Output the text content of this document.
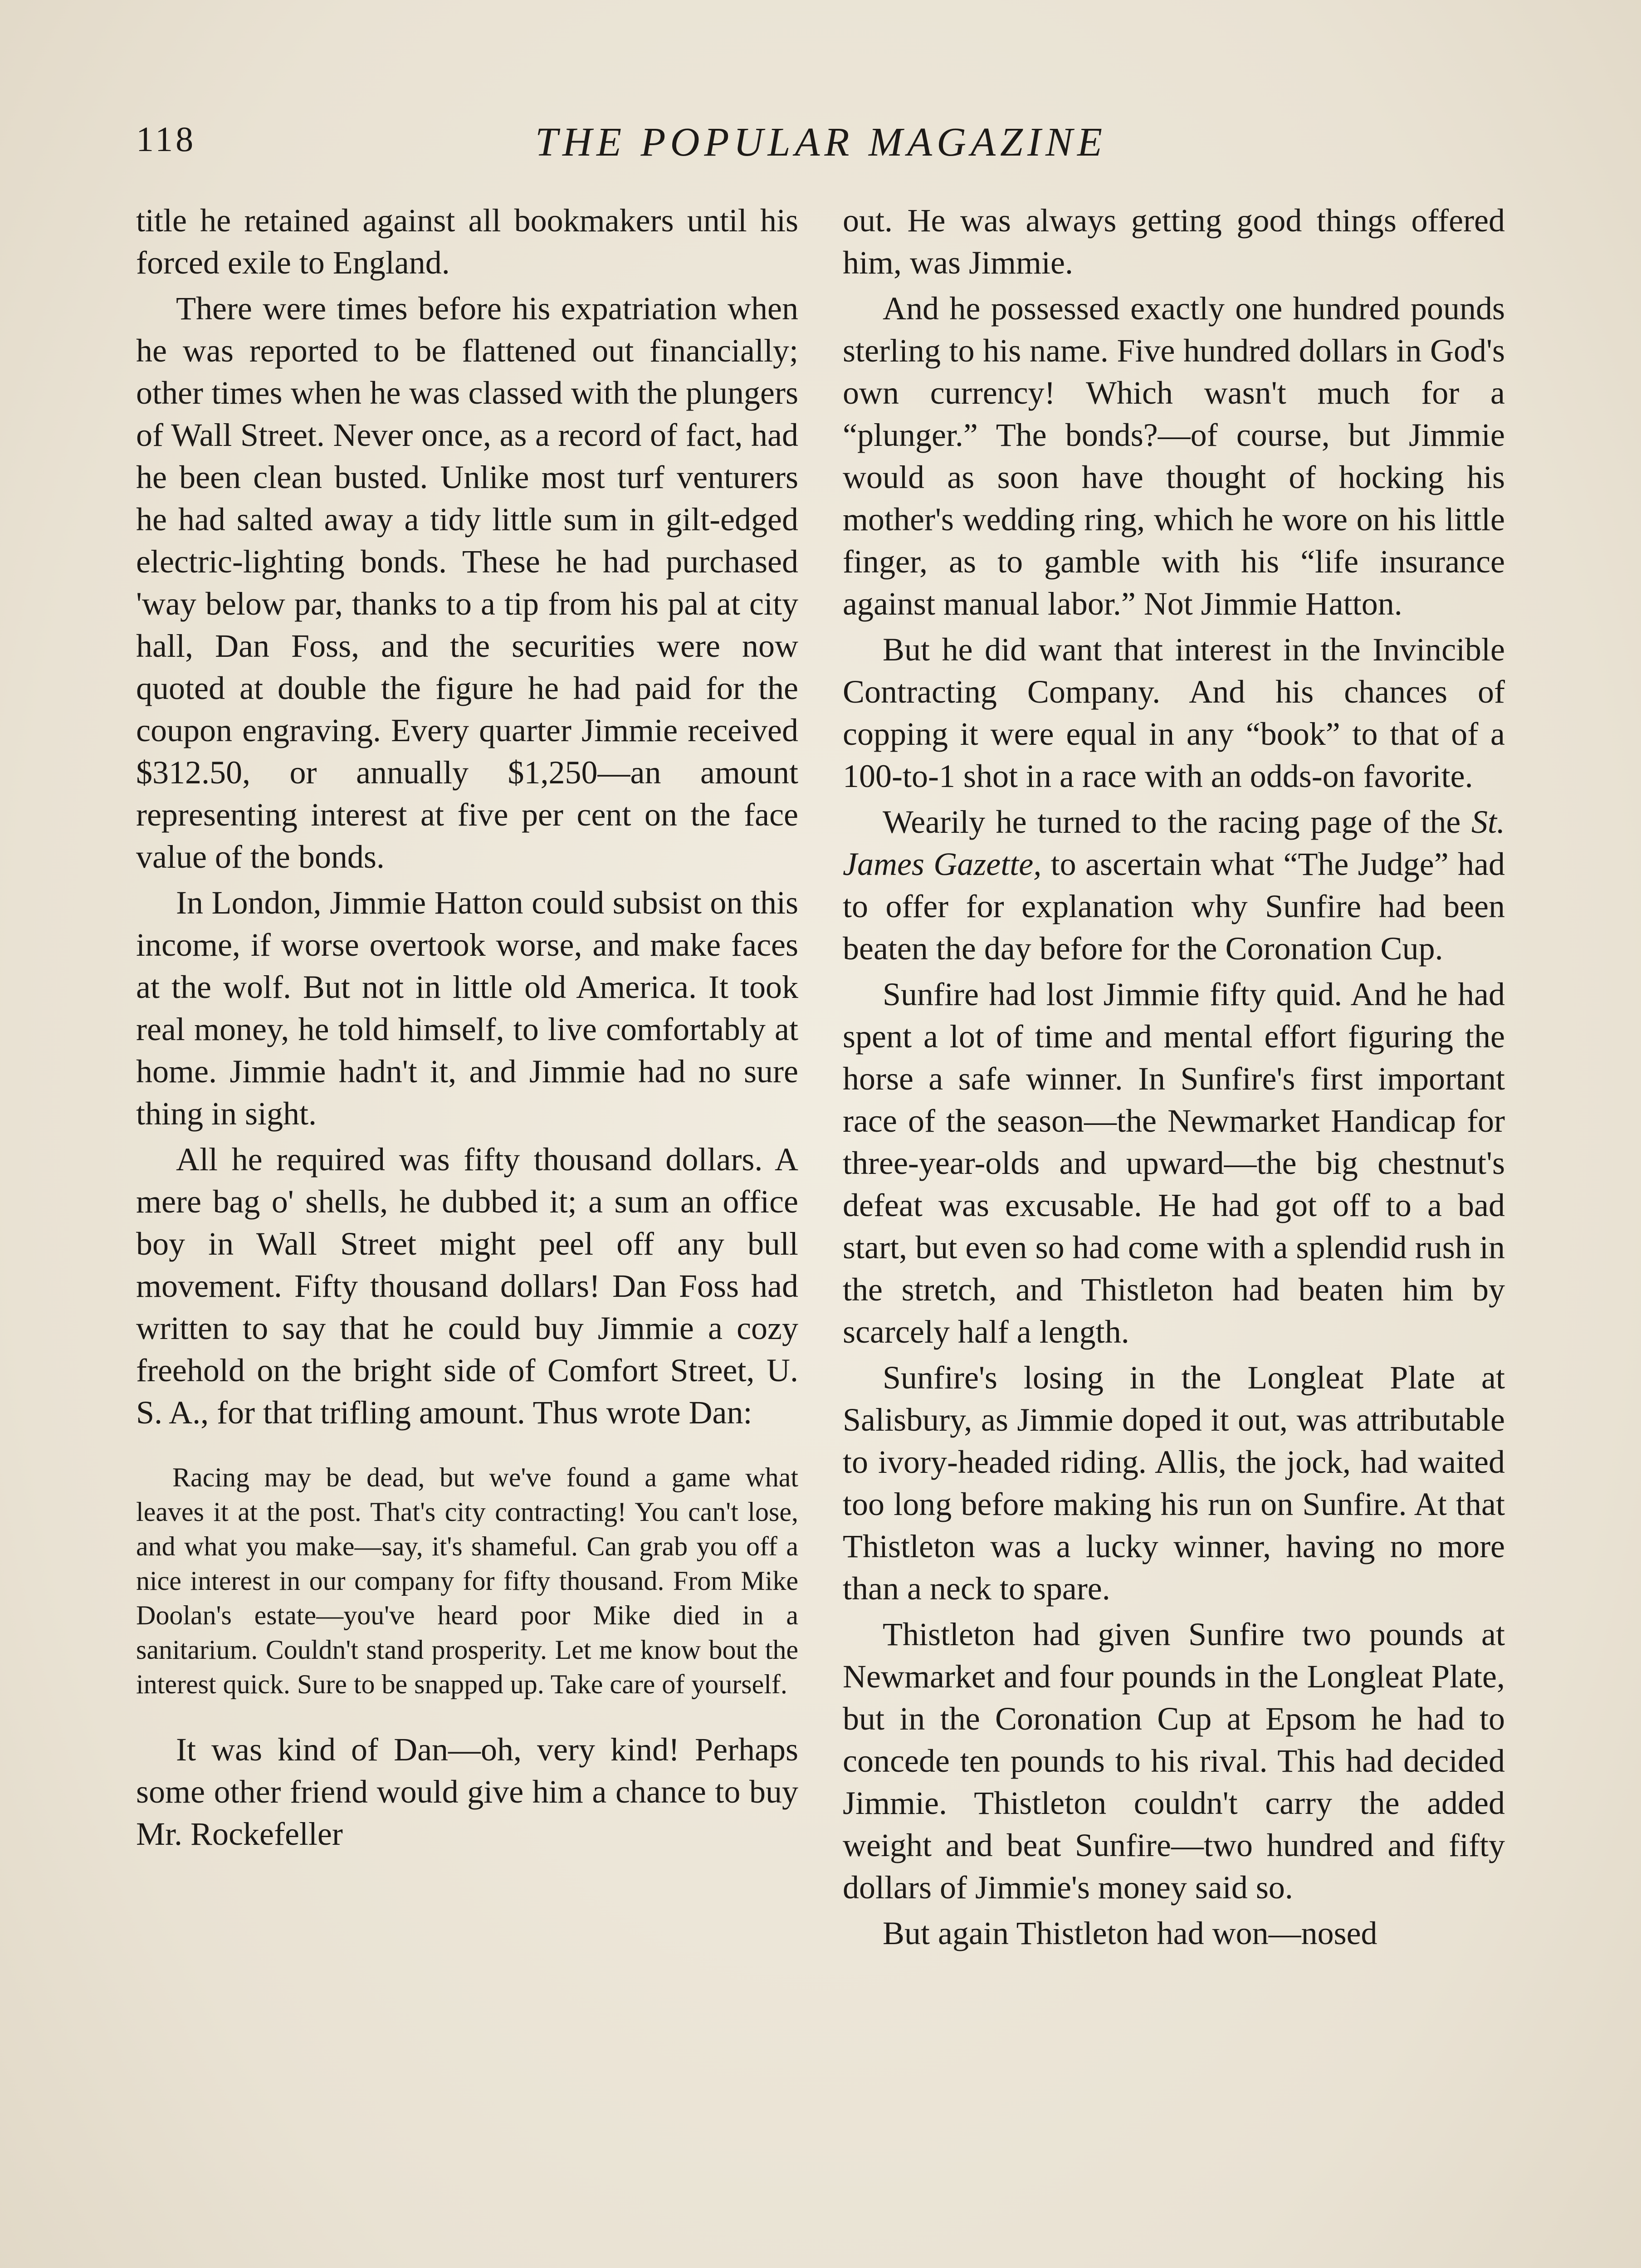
118	THE POPULAR MAGAZINE

title he retained against all bookmakers until his forced exile to England.

There were times before his expatriation when he was reported to be flattened out financially; other times when he was classed with the plungers of Wall Street. Never once, as a record of fact, had he been clean busted. Unlike most turf venturers he had salted away a tidy little sum in gilt-edged electric-lighting bonds. These he had purchased 'way below par, thanks to a tip from his pal at city hall, Dan Foss, and the securities were now quoted at double the figure he had paid for the coupon engraving. Every quarter Jimmie received $312.50, or annually $1,250—an amount representing interest at five per cent on the face value of the bonds.

In London, Jimmie Hatton could subsist on this income, if worse overtook worse, and make faces at the wolf. But not in little old America. It took real money, he told himself, to live comfortably at home. Jimmie hadn't it, and Jimmie had no sure thing in sight.

All he required was fifty thousand dollars. A mere bag o' shells, he dubbed it; a sum an office boy in Wall Street might peel off any bull movement. Fifty thousand dollars! Dan Foss had written to say that he could buy Jimmie a cozy freehold on the bright side of Comfort Street, U. S. A., for that trifling amount. Thus wrote Dan:

Racing may be dead, but we've found a game what leaves it at the post. That's city contracting! You can't lose, and what you make—say, it's shameful. Can grab you off a nice interest in our company for fifty thousand. From Mike Doolan's estate—you've heard poor Mike died in a sanitarium. Couldn't stand prosperity. Let me know bout the interest quick. Sure to be snapped up. Take care of yourself.

It was kind of Dan—oh, very kind! Perhaps some other friend would give him a chance to buy Mr. Rockefeller

out. He was always getting good things offered him, was Jimmie.

And he possessed exactly one hundred pounds sterling to his name. Five hundred dollars in God's own currency! Which wasn't much for a “plunger.” The bonds?—of course, but Jimmie would as soon have thought of hocking his mother's wedding ring, which he wore on his little finger, as to gamble with his “life insurance against manual labor.” Not Jimmie Hatton.

But he did want that interest in the Invincible Contracting Company. And his chances of copping it were equal in any “book” to that of a 100-to-1 shot in a race with an odds-on favorite.

Wearily he turned to the racing page of the St. James Gazette, to ascertain what “The Judge” had to offer for explanation why Sunfire had been beaten the day before for the Coronation Cup.

Sunfire had lost Jimmie fifty quid. And he had spent a lot of time and mental effort figuring the horse a safe winner. In Sunfire's first important race of the season—the Newmarket Handicap for three-year-olds and upward—the big chestnut's defeat was excusable. He had got off to a bad start, but even so had come with a splendid rush in the stretch, and Thistleton had beaten him by scarcely half a length.

Sunfire's losing in the Longleat Plate at Salisbury, as Jimmie doped it out, was attributable to ivory-headed riding. Allis, the jock, had waited too long before making his run on Sunfire. At that Thistleton was a lucky winner, having no more than a neck to spare.

Thistleton had given Sunfire two pounds at Newmarket and four pounds in the Longleat Plate, but in the Coronation Cup at Epsom he had to concede ten pounds to his rival. This had decided Jimmie. Thistleton couldn't carry the added weight and beat Sunfire—two hundred and fifty dollars of Jimmie's money said so.

But again Thistleton had won—nosed
